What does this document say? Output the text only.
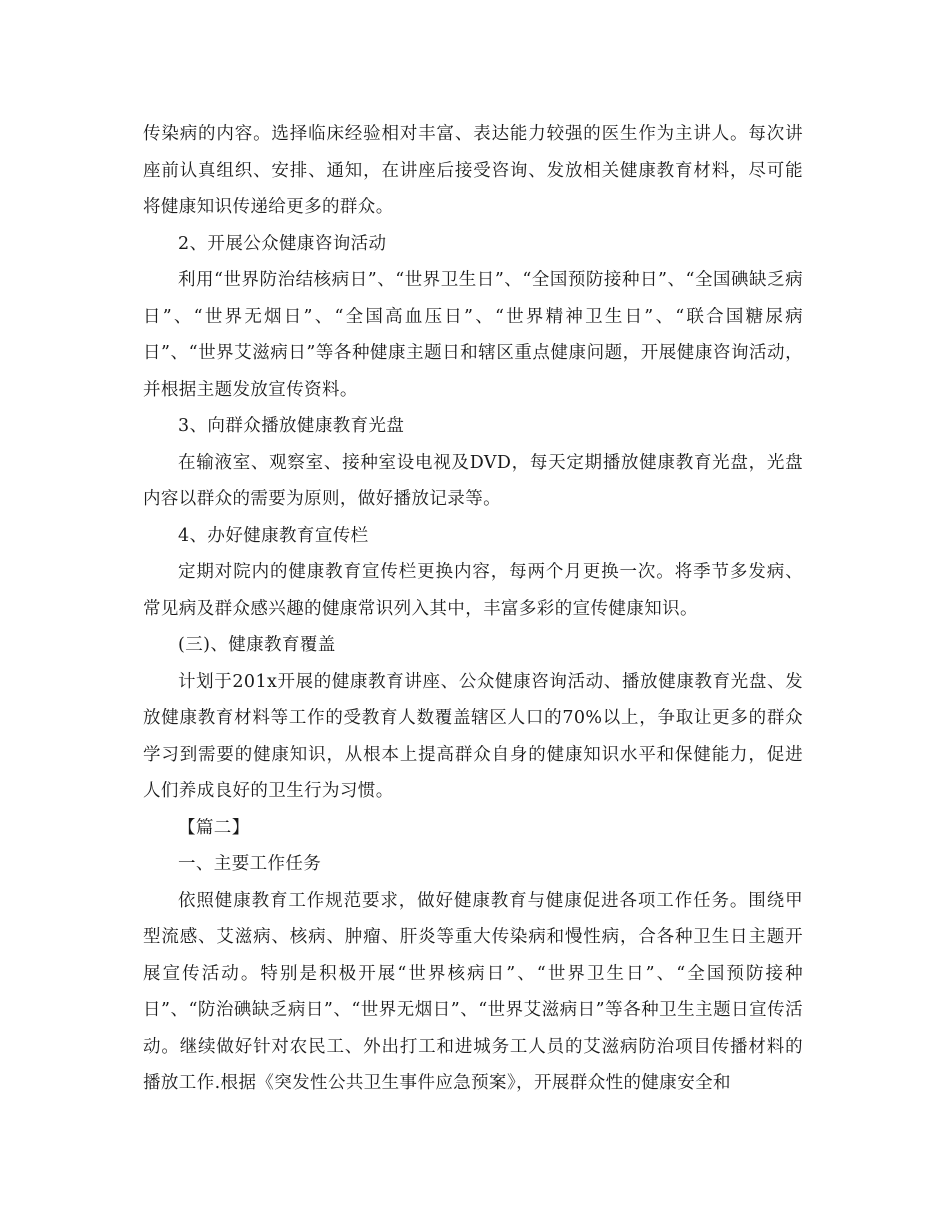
传染病的内容。选择临床经验相对丰富、表达能力较强的医生作为主讲人。每次讲座前认真组织、安排、通知，在讲座后接受咨询、发放相关健康教育材料，尽可能将健康知识传递给更多的群众。

2、开展公众健康咨询活动

利用“世界防治结核病日”、“世界卫生日”、“全国预防接种日”、“全国碘缺乏病日”、“世界无烟日”、“全国高血压日”、“世界精神卫生日”、“联合国糖尿病日”、“世界艾滋病日”等各种健康主题日和辖区重点健康问题，开展健康咨询活动，并根据主题发放宣传资料。

3、向群众播放健康教育光盘

在输液室、观察室、接种室设电视及DVD，每天定期播放健康教育光盘，光盘内容以群众的需要为原则，做好播放记录等。

4、办好健康教育宣传栏

定期对院内的健康教育宣传栏更换内容，每两个月更换一次。将季节多发病、常见病及群众感兴趣的健康常识列入其中，丰富多彩的宣传健康知识。

(三)、健康教育覆盖

计划于201x开展的健康教育讲座、公众健康咨询活动、播放健康教育光盘、发放健康教育材料等工作的受教育人数覆盖辖区人口的70%以上，争取让更多的群众学习到需要的健康知识，从根本上提高群众自身的健康知识水平和保健能力，促进人们养成良好的卫生行为习惯。

【篇二】

一、主要工作任务

依照健康教育工作规范要求，做好健康教育与健康促进各项工作任务。围绕甲型流感、艾滋病、核病、肿瘤、肝炎等重大传染病和慢性病，合各种卫生日主题开展宣传活动。特别是积极开展“世界核病日”、“世界卫生日”、“全国预防接种日”、“防治碘缺乏病日”、“世界无烟日”、“世界艾滋病日”等各种卫生主题日宣传活动。继续做好针对农民工、外出打工和进城务工人员的艾滋病防治项目传播材料的播放工作.根据《突发性公共卫生事件应急预案》，开展群众性的健康安全和
